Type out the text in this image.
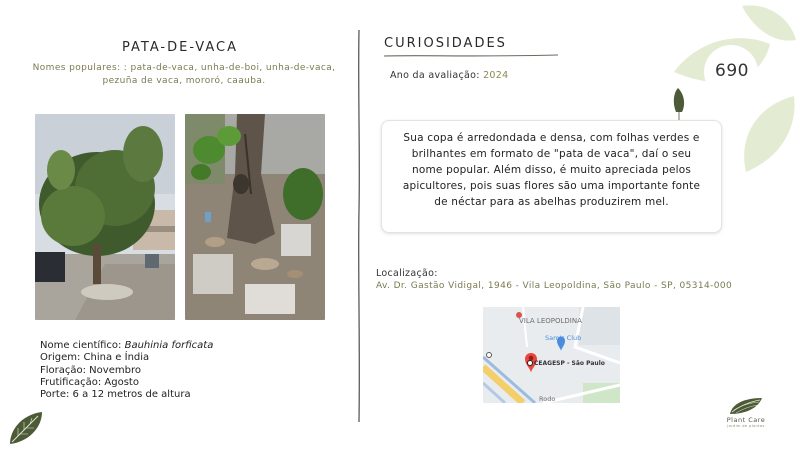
690
PATA-DE-VACA
Nomes populares: : pata-de-vaca, unha-de-boi, unha-de-vaca, pezuña de vaca, mororó, caauba.
Nome científico: Bauhinia forficata
Origem: China e Índia
Floração: Novembro
Frutificação: Agosto
Porte: 6 a 12 metros de altura
CURIOSIDADES
Ano da avaliação: 2024
Sua copa é arredondada e densa, com folhas verdes e brilhantes em formato de "pata de vaca", daí o seu nome popular. Além disso, é muito apreciada pelos apicultores, pois suas flores são uma importante fonte de néctar para as abelhas produzirem mel.
Localização:
Av. Dr. Gastão Vidigal, 1946 - Vila Leopoldina, São Paulo - SP, 05314-000
VILA LEOPOLDINA
Sam's Club
CEAGESP - São Paulo
Rodo
Plant Care
jardim de plantas
